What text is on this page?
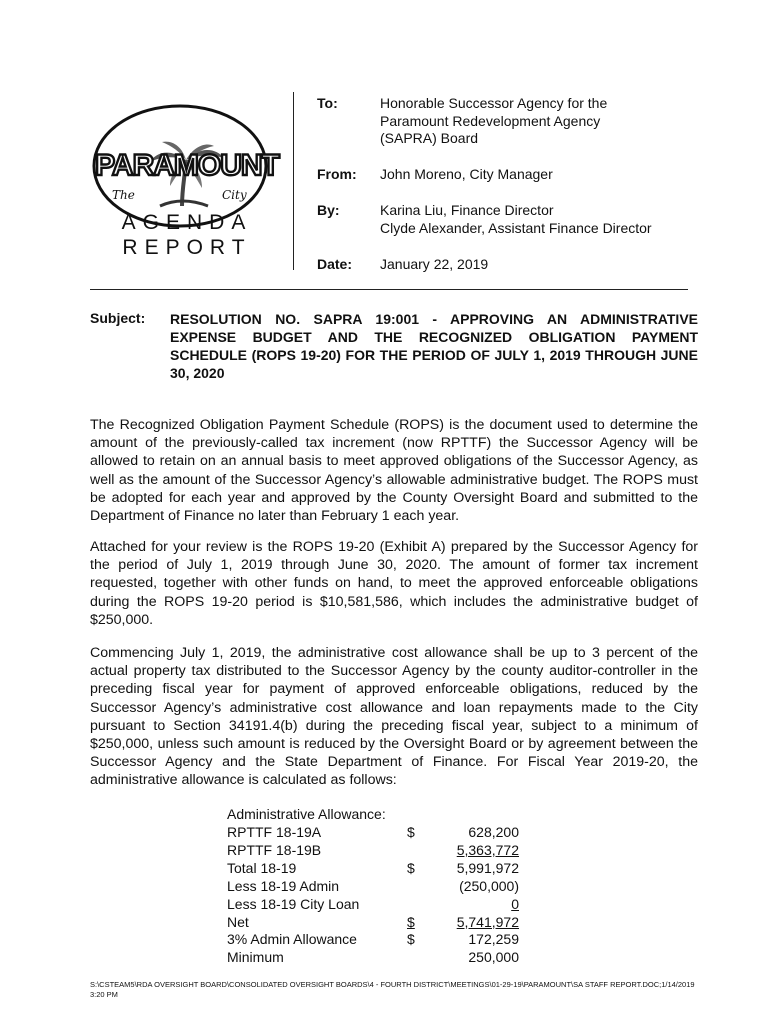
PARAMOUNT
The	City
AGENDA
REPORT
To:	Honorable Successor Agency for the
Paramount Redevelopment Agency
(SAPRA) Board
From: John Moreno, City Manager
By:	Karina Liu, Finance Director
Clyde Alexander, Assistant Finance Director
Date: January 22, 2019
Subject: RESOLUTION NO. SAPRA 19:001 - APPROVING AN ADMINISTRATIVE EXPENSE BUDGET AND THE RECOGNIZED OBLIGATION PAYMENT SCHEDULE (ROPS 19-20) FOR THE PERIOD OF JULY 1, 2019 THROUGH JUNE 30, 2020
The Recognized Obligation Payment Schedule (ROPS) is the document used to determine the amount of the previously-called tax increment (now RPTTF) the Successor Agency will be allowed to retain on an annual basis to meet approved obligations of the Successor Agency, as well as the amount of the Successor Agency’s allowable administrative budget. The ROPS must be adopted for each year and approved by the County Oversight Board and submitted to the Department of Finance no later than February 1 each year.
Attached for your review is the ROPS 19-20 (Exhibit A) prepared by the Successor Agency for the period of July 1, 2019 through June 30, 2020. The amount of former tax increment requested, together with other funds on hand, to meet the approved enforceable obligations during the ROPS 19-20 period is $10,581,586, which includes the administrative budget of $250,000.
Commencing July 1, 2019, the administrative cost allowance shall be up to 3 percent of the actual property tax distributed to the Successor Agency by the county auditor-controller in the preceding fiscal year for payment of approved enforceable obligations, reduced by the Successor Agency’s administrative cost allowance and loan repayments made to the City pursuant to Section 34191.4(b) during the preceding fiscal year, subject to a minimum of $250,000, unless such amount is reduced by the Oversight Board or by agreement between the Successor Agency and the State Department of Finance. For Fiscal Year 2019-20, the administrative allowance is calculated as follows:
Administrative Allowance:
RPTTF 18-19A	$	628,200
RPTTF 18-19B		5,363,772
Total 18-19	$	5,991,972
Less 18-19 Admin		(250,000)
Less 18-19 City Loan		0
Net	$	5,741,972
3% Admin Allowance	$	172,259
Minimum		250,000
S:\CSTEAM5\RDA OVERSIGHT BOARD\CONSOLIDATED OVERSIGHT BOARDS\4 - FOURTH DISTRICT\MEETINGS\01-29-19\PARAMOUNT\SA STAFF REPORT.DOC;1/14/2019 3:20 PM
